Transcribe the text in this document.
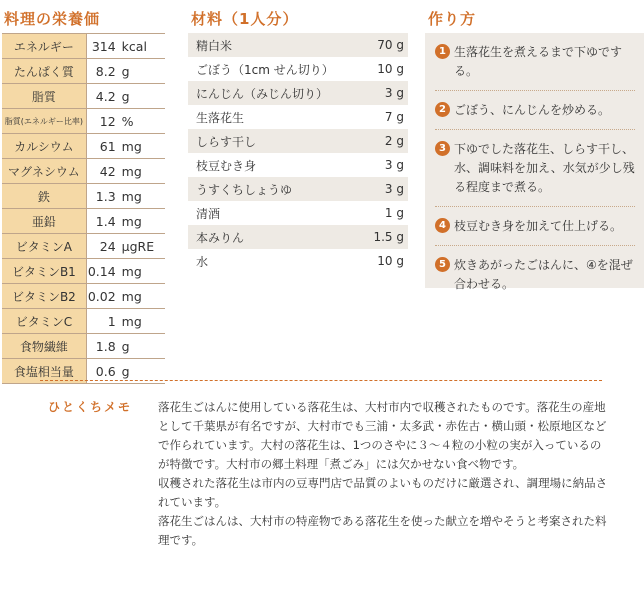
料理の栄養価
エネルギー	314 kcal
たんぱく質	8.2 g
脂質	4.2 g
脂質(エネルギー比率)	12 %
カルシウム	61 mg
マグネシウム	42 mg
鉄	1.3 mg
亜鉛	1.4 mg
ビタミンA	24 μgRE
ビタミンB1 0.14 mg
ビタミンB2 0.02 mg
ビタミンC	1 mg
食物繊維	1.8 g
食塩相当量	0.6 g
材料（1人分）
精白米	70 g
ごぼう（1cm せん切り）	10 g
にんじん（みじん切り）	3 g
生落花生	7 g
しらす干し	2 g
枝豆むき身	3 g
うすくちしょうゆ	3 g
清酒	1 g
本みりん	1.5 g
水	10 g
作り方
1 生落花生を煮えるまで下ゆでする。
2 ごぼう、にんじんを炒める。
3 下ゆでした落花生、しらす干し、水、調味料を加え、水気が少し残る程度まで煮る。
4 枝豆むき身を加えて仕上げる。
5 炊きあがったごはんに、④を混ぜ合わせる。
ひとくちメモ 落花生ごはんに使用している落花生は、大村市内で収穫されたものです。落花生の産地として千葉県が有名ですが、大村市でも三浦・太多武・赤佐古・横山頭・松原地区などで作られています。大村の落花生は、1つのさやに３～４粒の小粒の実が入っているのが特徴です。大村市の郷土料理「煮ごみ」には欠かせない食べ物です。

収穫された落花生は市内の豆専門店で品質のよいものだけに厳選され、調理場に納品されています。

落花生ごはんは、大村市の特産物である落花生を使った献立を増やそうと考案された料理です。
